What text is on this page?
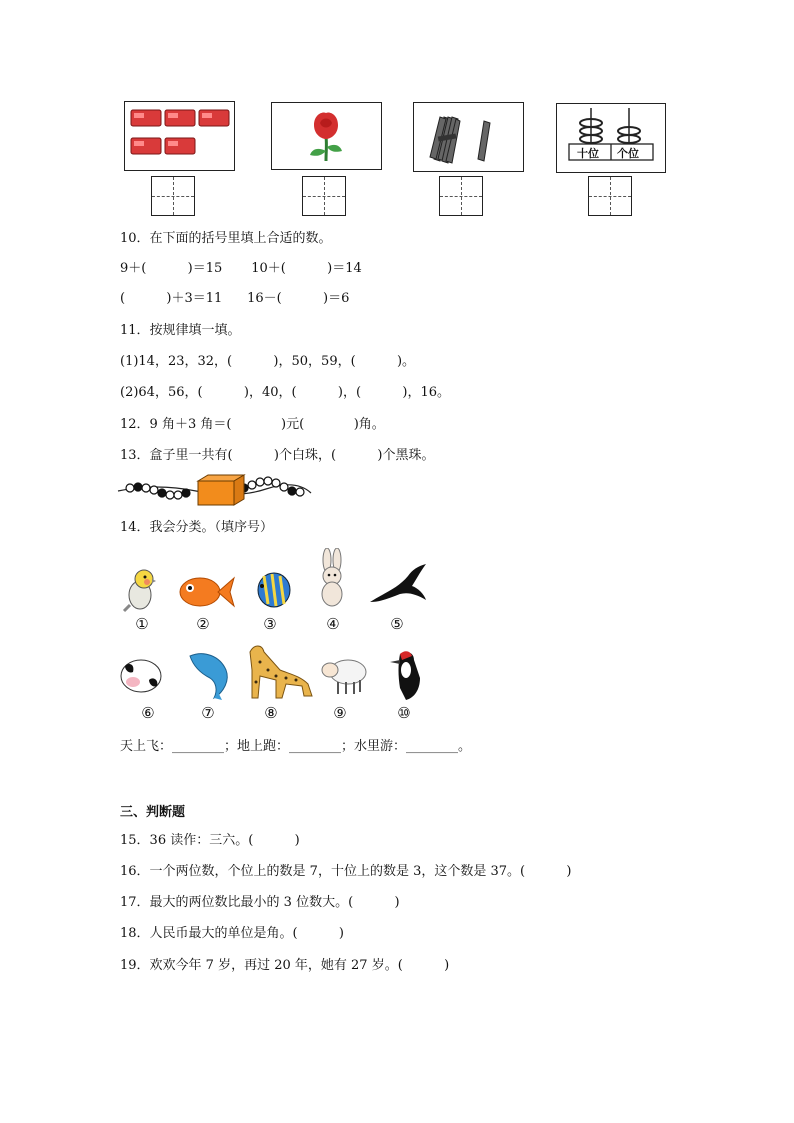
十位 个位
10．在下面的括号里填上合适的数。
9＋(          )＝15       10＋(          )＝14
(          )＋3＝11      16－(          )＝6
11．按规律填一填。
(1)14，23，32，(          )，50，59，(          )。
(2)64，56，(          )，40，(          )，(          )，16。
12．9 角＋3 角＝(            )元(            )角。
13．盒子里一共有(          )个白珠，(          )个黑珠。
14．我会分类。（填序号）
①	②	③	④	⑤
⑥	⑦	⑧	⑨	⑩
天上飞：________；地上跑：________；水里游：________。
三、判断题
15．36 读作：三六。(          )
16．一个两位数，个位上的数是 7，十位上的数是 3，这个数是 37。(          )
17．最大的两位数比最小的 3 位数大。(          )
18．人民币最大的单位是角。(          )
19．欢欢今年 7 岁，再过 20 年，她有 27 岁。(          )
